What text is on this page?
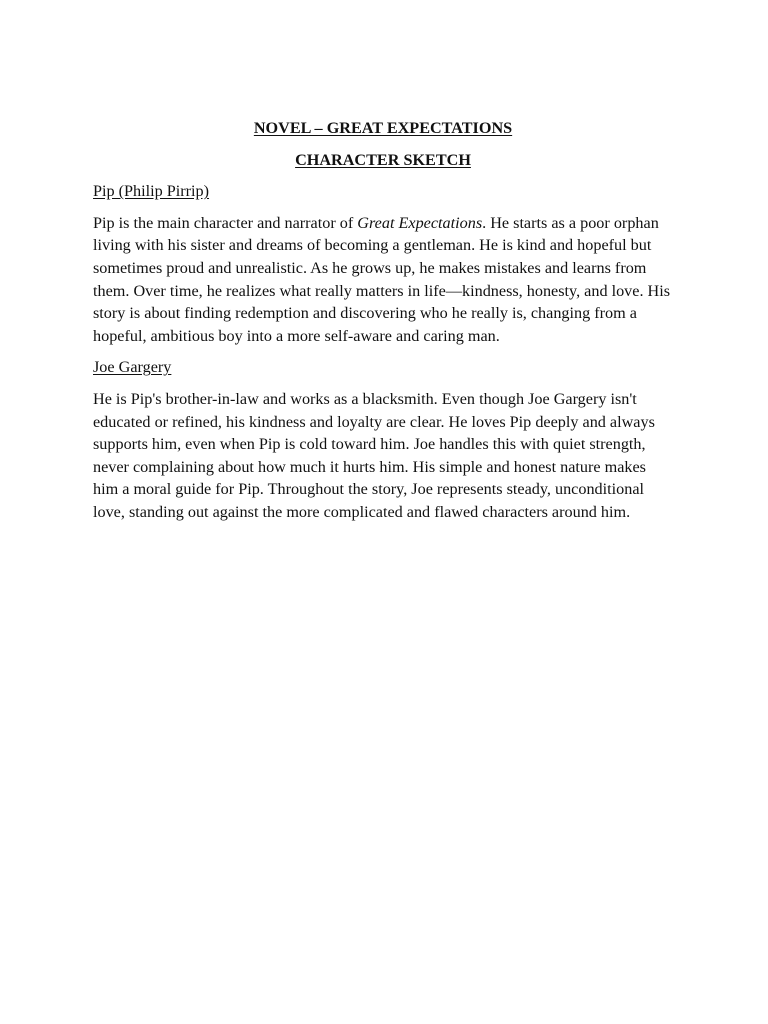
NOVEL – GREAT EXPECTATIONS

CHARACTER SKETCH

Pip (Philip Pirrip)

Pip is the main character and narrator of Great Expectations. He starts as a poor orphan living with his sister and dreams of becoming a gentleman. He is kind and hopeful but sometimes proud and unrealistic. As he grows up, he makes mistakes and learns from them. Over time, he realizes what really matters in life—kindness, honesty, and love. His story is about finding redemption and discovering who he really is, changing from a hopeful, ambitious boy into a more self-aware and caring man.

Joe Gargery

He is Pip's brother-in-law and works as a blacksmith. Even though Joe Gargery isn't educated or refined, his kindness and loyalty are clear. He loves Pip deeply and always supports him, even when Pip is cold toward him. Joe handles this with quiet strength, never complaining about how much it hurts him. His simple and honest nature makes him a moral guide for Pip. Throughout the story, Joe represents steady, unconditional love, standing out against the more complicated and flawed characters around him.
